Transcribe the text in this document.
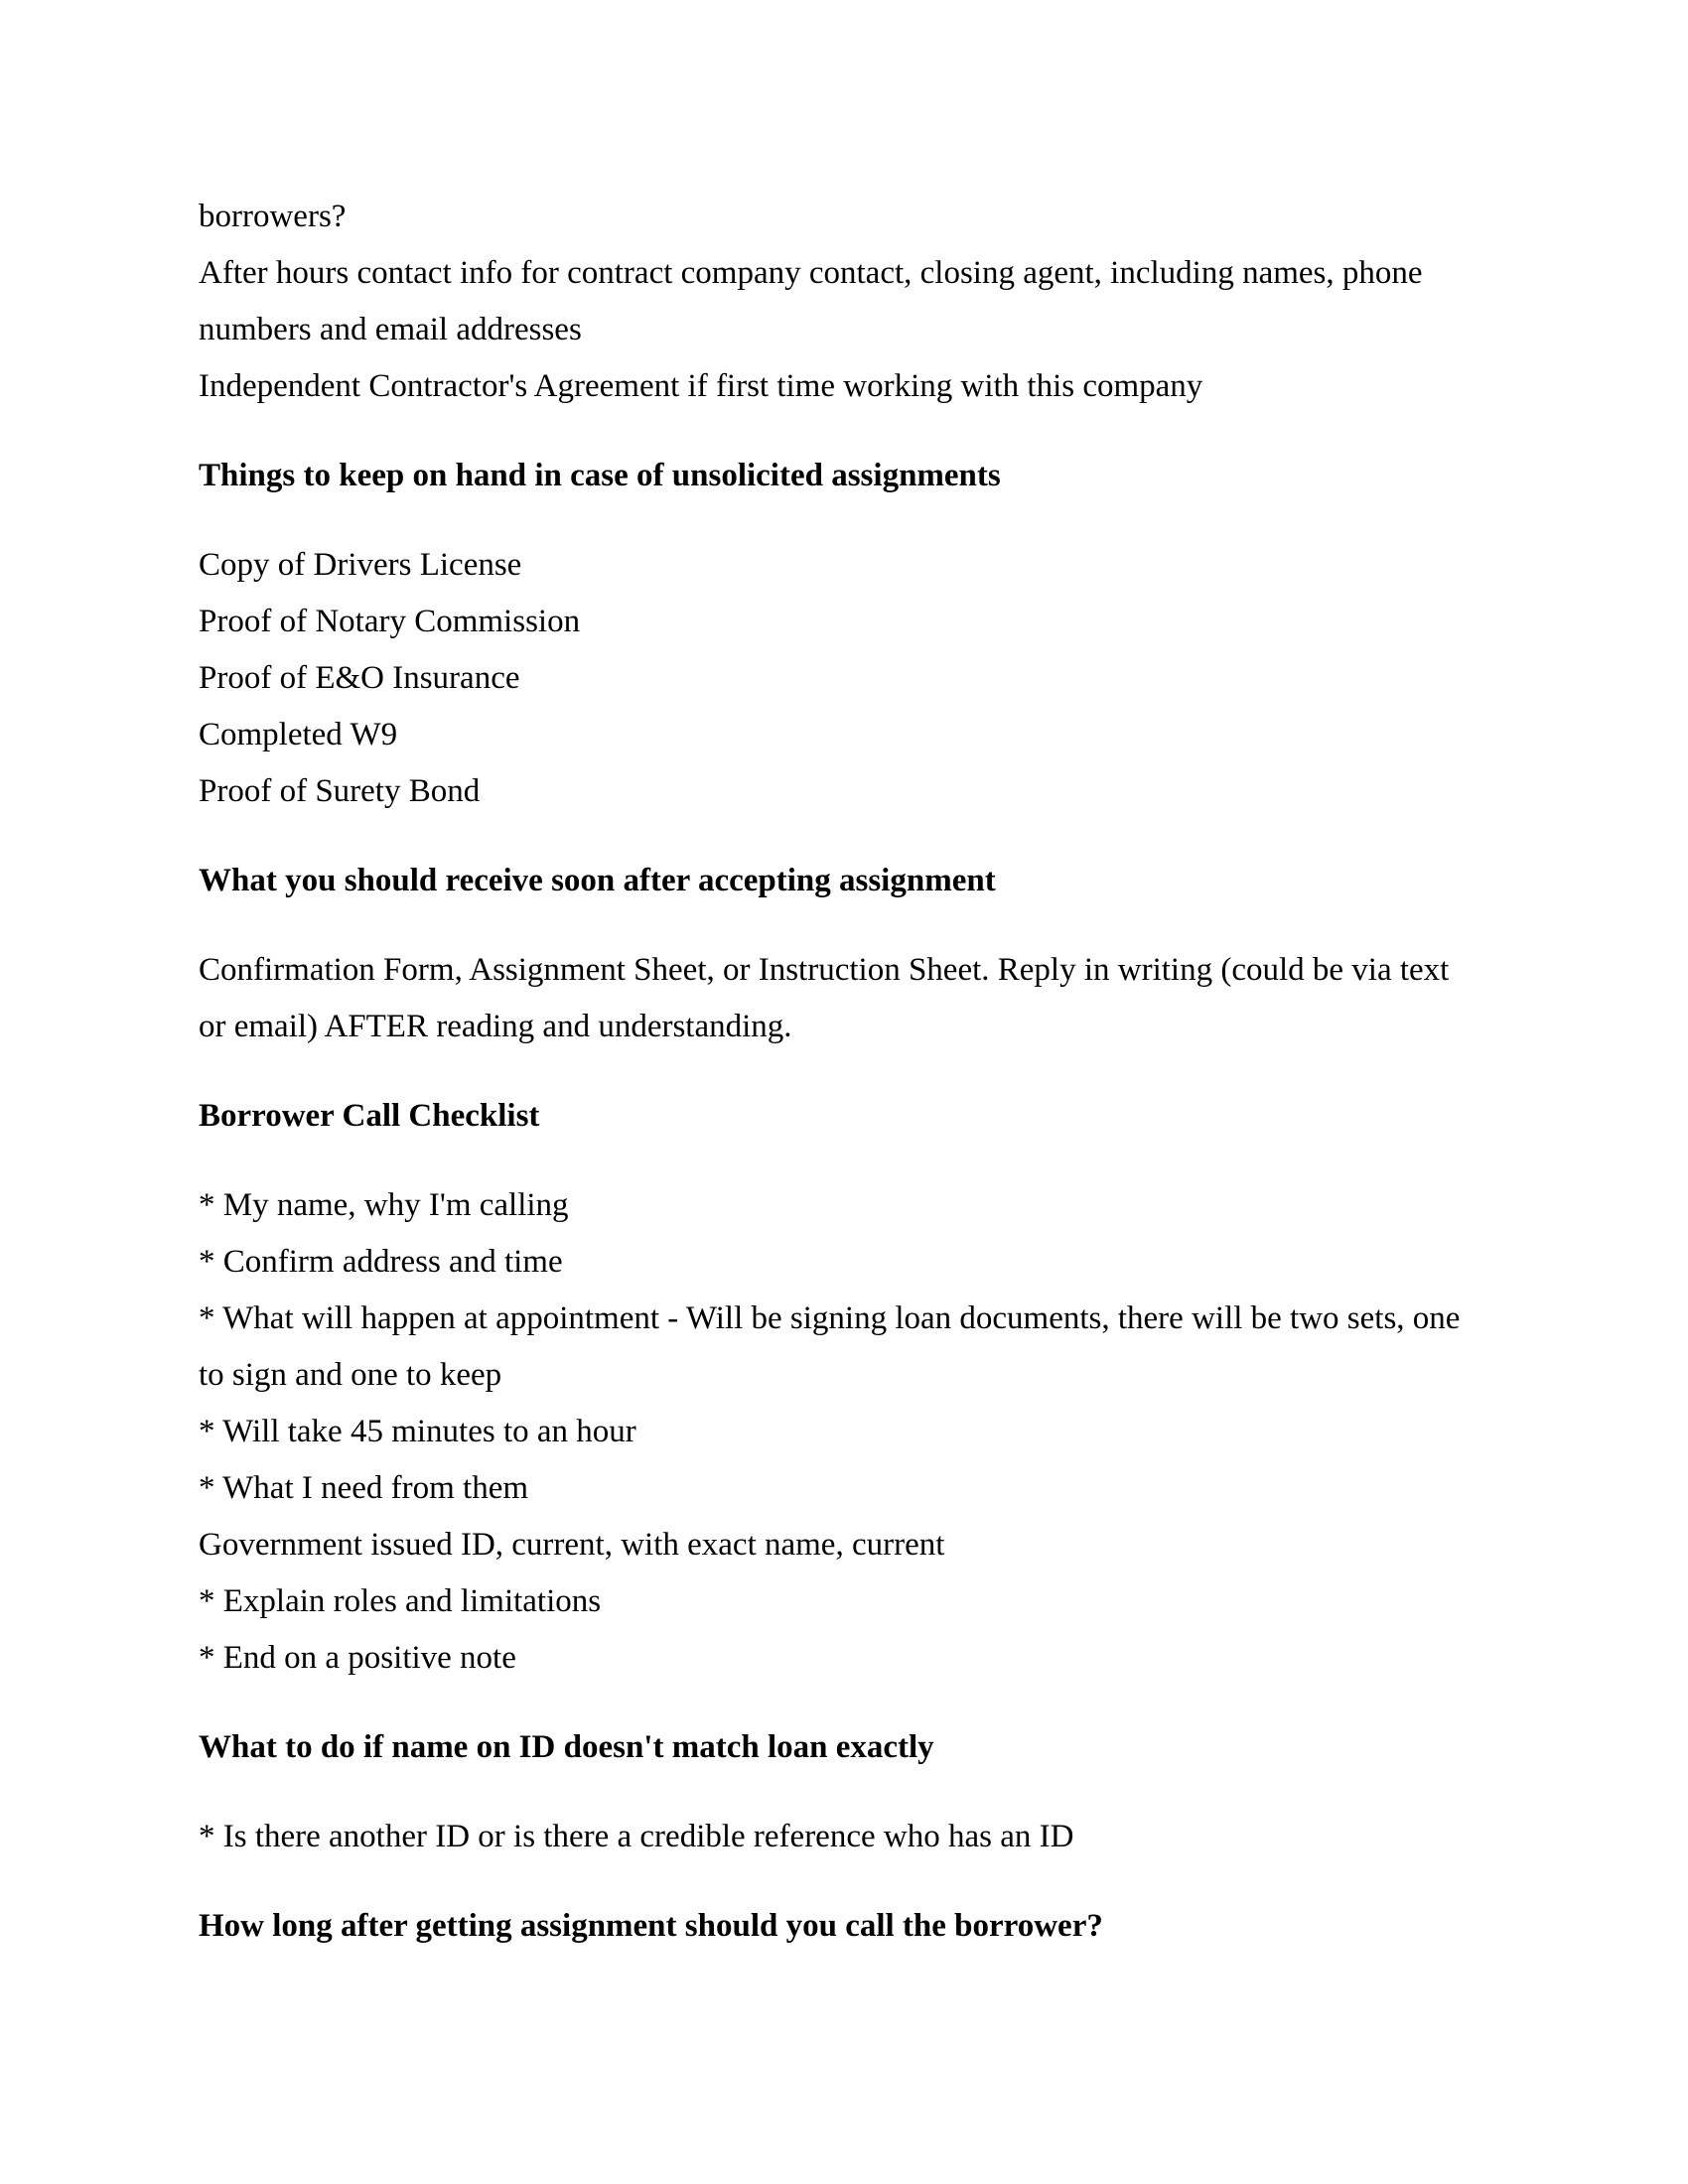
borrowers?
After hours contact info for contract company contact, closing agent, including names, phone
numbers and email addresses
Independent Contractor's Agreement if first time working with this company
Things to keep on hand in case of unsolicited assignments
Copy of Drivers License
Proof of Notary Commission
Proof of E&O Insurance
Completed W9
Proof of Surety Bond
What you should receive soon after accepting assignment
Confirmation Form, Assignment Sheet, or Instruction Sheet. Reply in writing (could be via text
or email) AFTER reading and understanding.
Borrower Call Checklist
* My name, why I'm calling
* Confirm address and time
* What will happen at appointment - Will be signing loan documents, there will be two sets, one
to sign and one to keep
* Will take 45 minutes to an hour
* What I need from them
Government issued ID, current, with exact name, current
* Explain roles and limitations
* End on a positive note
What to do if name on ID doesn't match loan exactly
* Is there another ID or is there a credible reference who has an ID
How long after getting assignment should you call the borrower?
